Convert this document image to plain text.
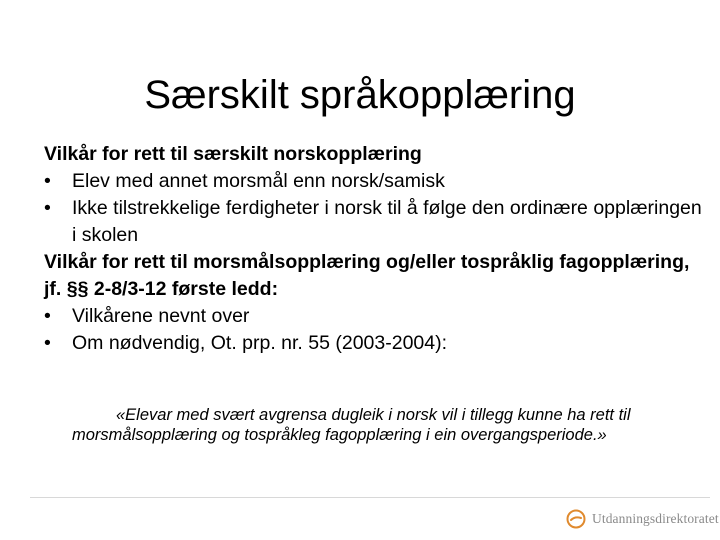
Særskilt språkopplæring
Vilkår for rett til særskilt norskopplæring
• Elev med annet morsmål enn norsk/samisk
• Ikke tilstrekkelige ferdigheter i norsk til å følge den ordinære opplæringen i skolen
Vilkår for rett til morsmålsopplæring og/eller tospråklig fagopplæring, jf. §§ 2-8/3-12 første ledd:
• Vilkårene nevnt over
• Om nødvendig, Ot. prp. nr. 55 (2003-2004):
«Elevar med svært avgrensa dugleik i norsk vil i tillegg kunne ha rett til morsmålsopplæring og tospråkleg fagopplæring i ein overgangsperiode.»
Utdanningsdirektoratet
